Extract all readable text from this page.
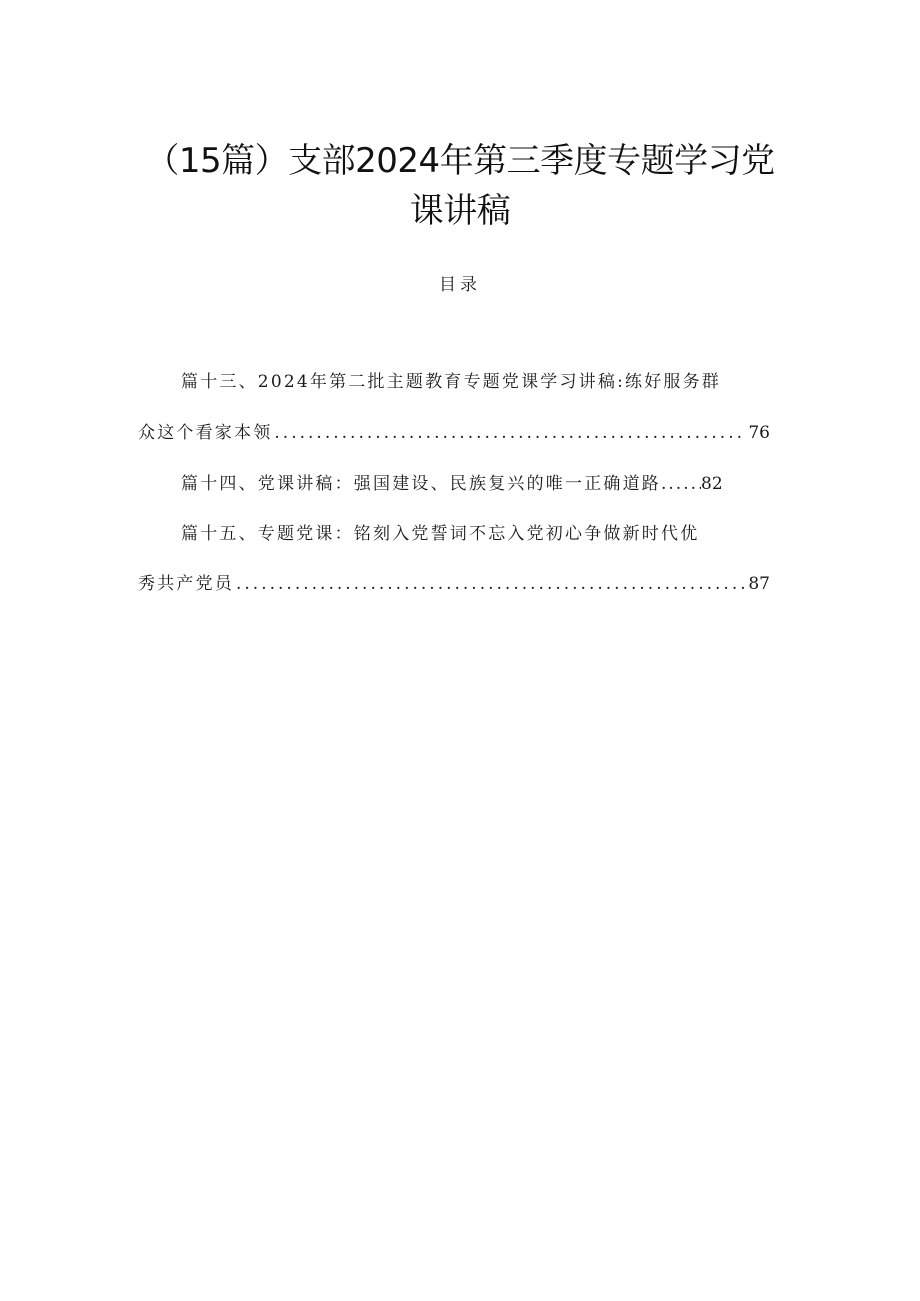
（15篇）支部2024年第三季度专题学习党
课讲稿
目录
篇十三、2024年第二批主题教育专题党课学习讲稿:练好服务群
众这个看家本领 .....	76
篇十四、党课讲稿：强国建设、民族复兴的唯一正确道路 ...... 82
篇十五、专题党课：铭刻入党誓词不忘入党初心争做新时代优
秀共产党员 .....	87
